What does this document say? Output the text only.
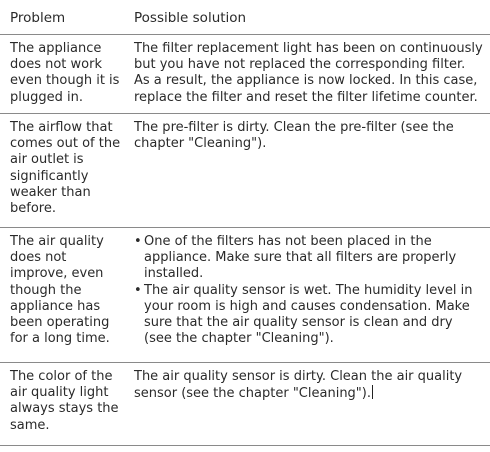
Problem	Possible solution

The appliance does not work even though it is plugged in.

The filter replacement light has been on continuously but you have not replaced the corresponding filter. As a result, the appliance is now locked. In this case, replace the filter and reset the filter lifetime counter.

The airflow that comes out of the air outlet is significantly weaker than before.

The pre-filter is dirty. Clean the pre-filter (see the chapter "Cleaning").

The air quality does not improve, even though the appliance has been operating for a long time.

• One of the filters has not been placed in the appliance. Make sure that all filters are properly installed.
• The air quality sensor is wet. The humidity level in your room is high and causes condensation. Make sure that the air quality sensor is clean and dry (see the chapter "Cleaning").

The color of the air quality light always stays the same.

The air quality sensor is dirty. Clean the air quality sensor (see the chapter "Cleaning").
